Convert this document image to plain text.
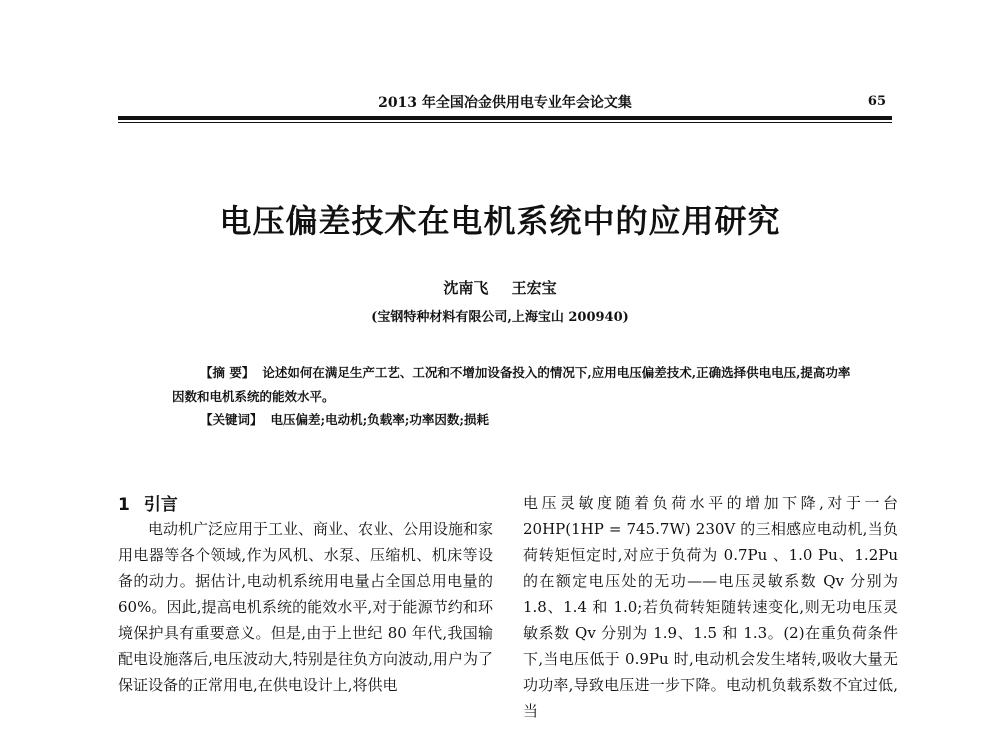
2013 年全国冶金供用电专业年会论文集	65
电压偏差技术在电机系统中的应用研究
沈南飞 王宏宝
(宝钢特种材料有限公司,上海宝山 200940)
【摘 要】 论述如何在满足生产工艺、工况和不增加设备投入的情况下,应用电压偏差技术,正确选择供电电压,提高功率因数和电机系统的能效水平。
【关键词】 电压偏差;电动机;负载率;功率因数;损耗
1 引言

电动机广泛应用于工业、商业、农业、公用设施和家用电器等各个领域,作为风机、水泵、压缩机、机床等设备的动力。据估计,电动机系统用电量占全国总用电量的 60%。因此,提高电机系统的能效水平,对于能源节约和环境保护具有重要意义。但是,由于上世纪 80 年代,我国输配电设施落后,电压波动大,特别是往负方向波动,用户为了保证设备的正常用电,在供电设计上,将供电

电压灵敏度随着负荷水平的增加下降,对于一台 20HP(1HP = 745.7W) 230V 的三相感应电动机,当负荷转矩恒定时,对应于负荷为 0.7Pu 、1.0 Pu、1.2Pu 的在额定电压处的无功——电压灵敏系数 Qv 分别为 1.8、1.4 和 1.0;若负荷转矩随转速变化,则无功电压灵敏系数 Qv 分别为 1.9、1.5 和 1.3。(2)在重负荷条件下,当电压低于 0.9Pu 时,电动机会发生堵转,吸收大量无功功率,导致电压进一步下降。电动机负载系数不宜过低,当
